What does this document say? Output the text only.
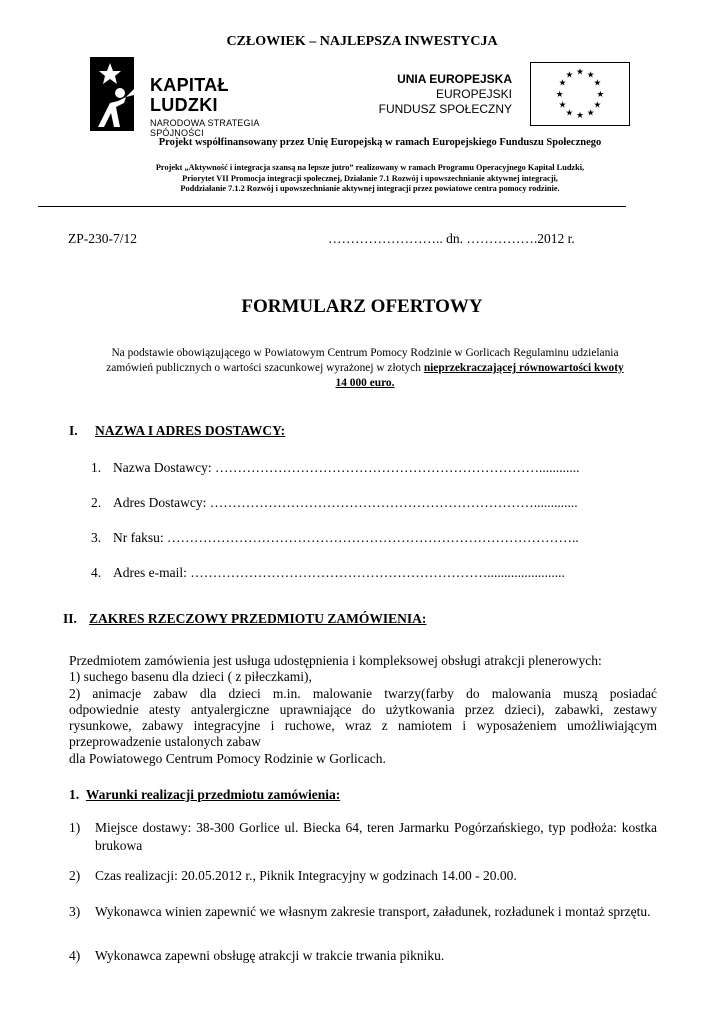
CZŁOWIEK – NAJLEPSZA INWESTYCJA
KAPITAŁ LUDZKI
NARODOWA STRATEGIA SPÓJNOŚCI
UNIA EUROPEJSKA
EUROPEJSKI
FUNDUSZ SPOŁECZNY
★ ★
★
★
★
★
★
★
★
★
★
★
Projekt współfinansowany przez Unię Europejską w ramach Europejskiego Funduszu Społecznego
Projekt „Aktywność i integracja szansą na lepsze jutro” realizowany w ramach Programu Operacyjnego Kapitał Ludzki,
Priorytet VII Promocja integracji społecznej, Działanie 7.1 Rozwój i upowszechnianie aktywnej integracji,
Poddziałanie 7.1.2 Rozwój i upowszechnianie aktywnej integracji przez powiatowe centra pomocy rodzinie.
ZP-230-7/12	…………………….. dn. …………….2012 r.
FORMULARZ OFERTOWY
Na podstawie obowiązującego w Powiatowym Centrum Pomocy Rodzinie w Gorlicach Regulaminu udzielania
zamówień publicznych o wartości szacunkowej wyrażonej w złotych nieprzekraczającej równowartości kwoty
14 000 euro.
I. NAZWA I ADRES DOSTAWCY:
1. Nazwa Dostawcy: ………………………………………………………………............
2. Adres Dostawcy: ……………………………………………………………….............
3. Nr faksu: ………………………………………………………………………………..
4. Adres e-mail: ………………………………………………………….......................
II. ZAKRES RZECZOWY PRZEDMIOTU ZAMÓWIENIA:
Przedmiotem zamówienia jest usługa udostępnienia i kompleksowej obsługi atrakcji plenerowych:
1) suchego basenu dla dzieci ( z piłeczkami),
2) animacje zabaw dla dzieci m.in. malowanie twarzy(farby do malowania muszą posiadać
odpowiednie atesty antyalergiczne uprawniające do użytkowania przez dzieci), zabawki, zestawy
rysunkowe, zabawy integracyjne i ruchowe, wraz z namiotem i wyposażeniem umożliwiającym
przeprowadzenie ustalonych zabaw
dla Powiatowego Centrum Pomocy Rodzinie w Gorlicach.
1. Warunki realizacji przedmiotu zamówienia:
1) Miejsce dostawy: 38-300 Gorlice ul. Biecka 64, teren Jarmarku Pogórzańskiego, typ podłoża: kostka brukowa
2) Czas realizacji: 20.05.2012 r., Piknik Integracyjny w godzinach 14.00 - 20.00.
3) Wykonawca winien zapewnić we własnym zakresie transport, załadunek, rozładunek i montaż sprzętu.
4) Wykonawca zapewni obsługę atrakcji w trakcie trwania pikniku.
